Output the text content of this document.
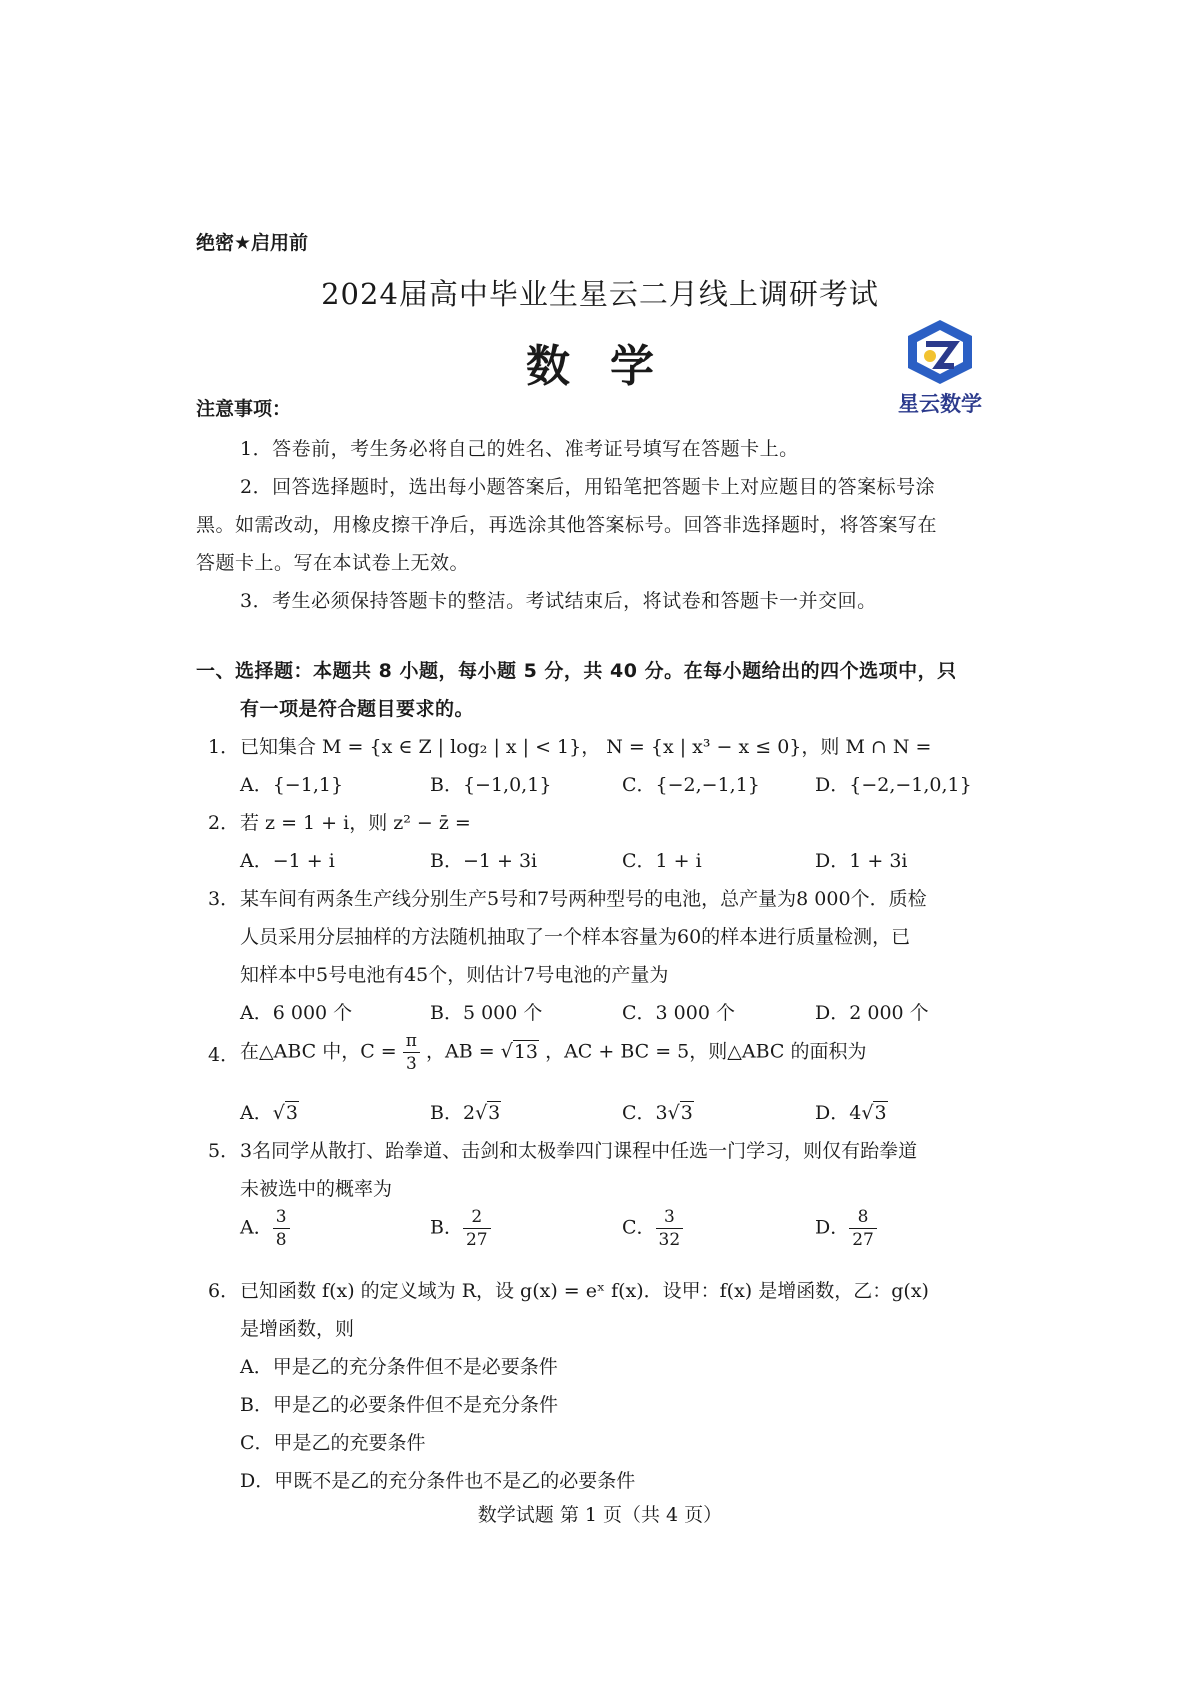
绝密★启用前
2024届高中毕业生星云二月线上调研考试
数学
星云数学
注意事项：
1．答卷前，考生务必将自己的姓名、准考证号填写在答题卡上。
2．回答选择题时，选出每小题答案后，用铅笔把答题卡上对应题目的答案标号涂
黑。如需改动，用橡皮擦干净后，再选涂其他答案标号。回答非选择题时，将答案写在
答题卡上。写在本试卷上无效。
3．考生必须保持答题卡的整洁。考试结束后，将试卷和答题卡一并交回。
一、选择题：本题共 8 小题，每小题 5 分，共 40 分。在每小题给出的四个选项中，只
有一项是符合题目要求的。
1． 已知集合 M = {x ∈ Z | log₂ | x | < 1}， N = {x | x³ − x ≤ 0}，则 M ∩ N =
A．{−1,1}	B．{−1,0,1}	C．{−2,−1,1}	D．{−2,−1,0,1}
2． 若 z = 1 + i，则 z² − z̄ =
A．−1 + i	B．−1 + 3i	C．1 + i	D．1 + 3i
3． 某车间有两条生产线分别生产5号和7号两种型号的电池，总产量为8 000个．质检
人员采用分层抽样的方法随机抽取了一个样本容量为60的样本进行质量检测，已
知样本中5号电池有45个，则估计7号电池的产量为
A．6 000 个	B．5 000 个	C．3 000 个	D．2 000 个
4． 在△ABC 中，$C = \frac{\pi}{3}$ ，AB = √13 ，AC + BC = 5，则△ABC 的面积为
A．√3	B．2√3	C．3√3	D．4√3
5． 3名同学从散打、跆拳道、击剑和太极拳四门课程中任选一门学习，则仅有跆拳道
未被选中的概率为
A． $\frac{3}{8}$	B． $\frac{2}{27}$	C． $\frac{3}{32}$	D． $\frac{8}{27}$
6． 已知函数 f(x) 的定义域为 R，设 g(x) = eˣ f(x)．设甲：f(x) 是增函数，乙：g(x)
是增函数，则
A．甲是乙的充分条件但不是必要条件
B．甲是乙的必要条件但不是充分条件
C．甲是乙的充要条件
D．甲既不是乙的充分条件也不是乙的必要条件
数学试题 第 1 页（共 4 页）
